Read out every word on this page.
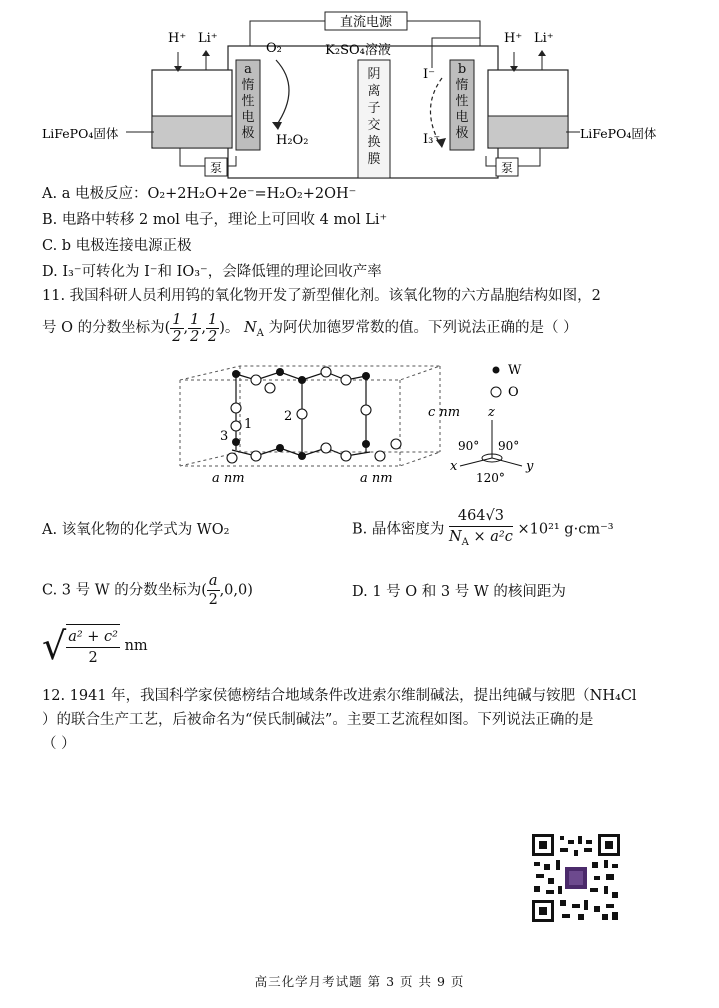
直流电源
K₂SO₄溶液
O₂
H₂O₂
I⁻
I₃⁻
H⁺ Li⁺
LiFePO₄固体
泵
H⁺ Li⁺
LiFePO₄固体
泵
a
惰
性
电
极
b
惰
性
电
极
阴
离
子
交
换
膜
A. a 电极反应：O₂+2H₂O+2e⁻=H₂O₂+2OH⁻
B. 电路中转移 2 mol 电子，理论上可回收 4 mol Li⁺
C. b 电极连接电源正极
D. I₃⁻可转化为 I⁻和 IO₃⁻，会降低锂的理论回收产率
11. 我国科研人员利用钨的氧化物开发了新型催化剂。该氧化物的六方晶胞结构如图，2
号 O 的分数坐标为( $\frac{1}{2}$ , $\frac{1}{2}$ , $\frac{1}{2}$ )。 $N_A$ 为阿伏加德罗常数的值。下列说法正确的是（ ）
1
2
3
a nm	a nm
c nm
W
O
z
x	y
90° 90°
120°
A. 该氧化物的化学式为 WO₂	B. 晶体密度为 $\frac{464√3}{N_A \times a^2c} \times 10^{21}$ g·cm⁻³
C. 3 号 W 的分数坐标为( $\frac{a}{2} ,0,0$)	D. 1 号 O 和 3 号 W 的核间距为
√ $\frac{\text{a² + c²}}{2}$ nm
12. 1941 年，我国科学家侯德榜结合地域条件改进索尔维制碱法，提出纯碱与铵肥（NH₄Cl
）的联合生产工艺，后被命名为“侯氏制碱法”。主要工艺流程如图。下列说法正确的是
（ ）
高三化学月考试题 第 3 页 共 9 页
